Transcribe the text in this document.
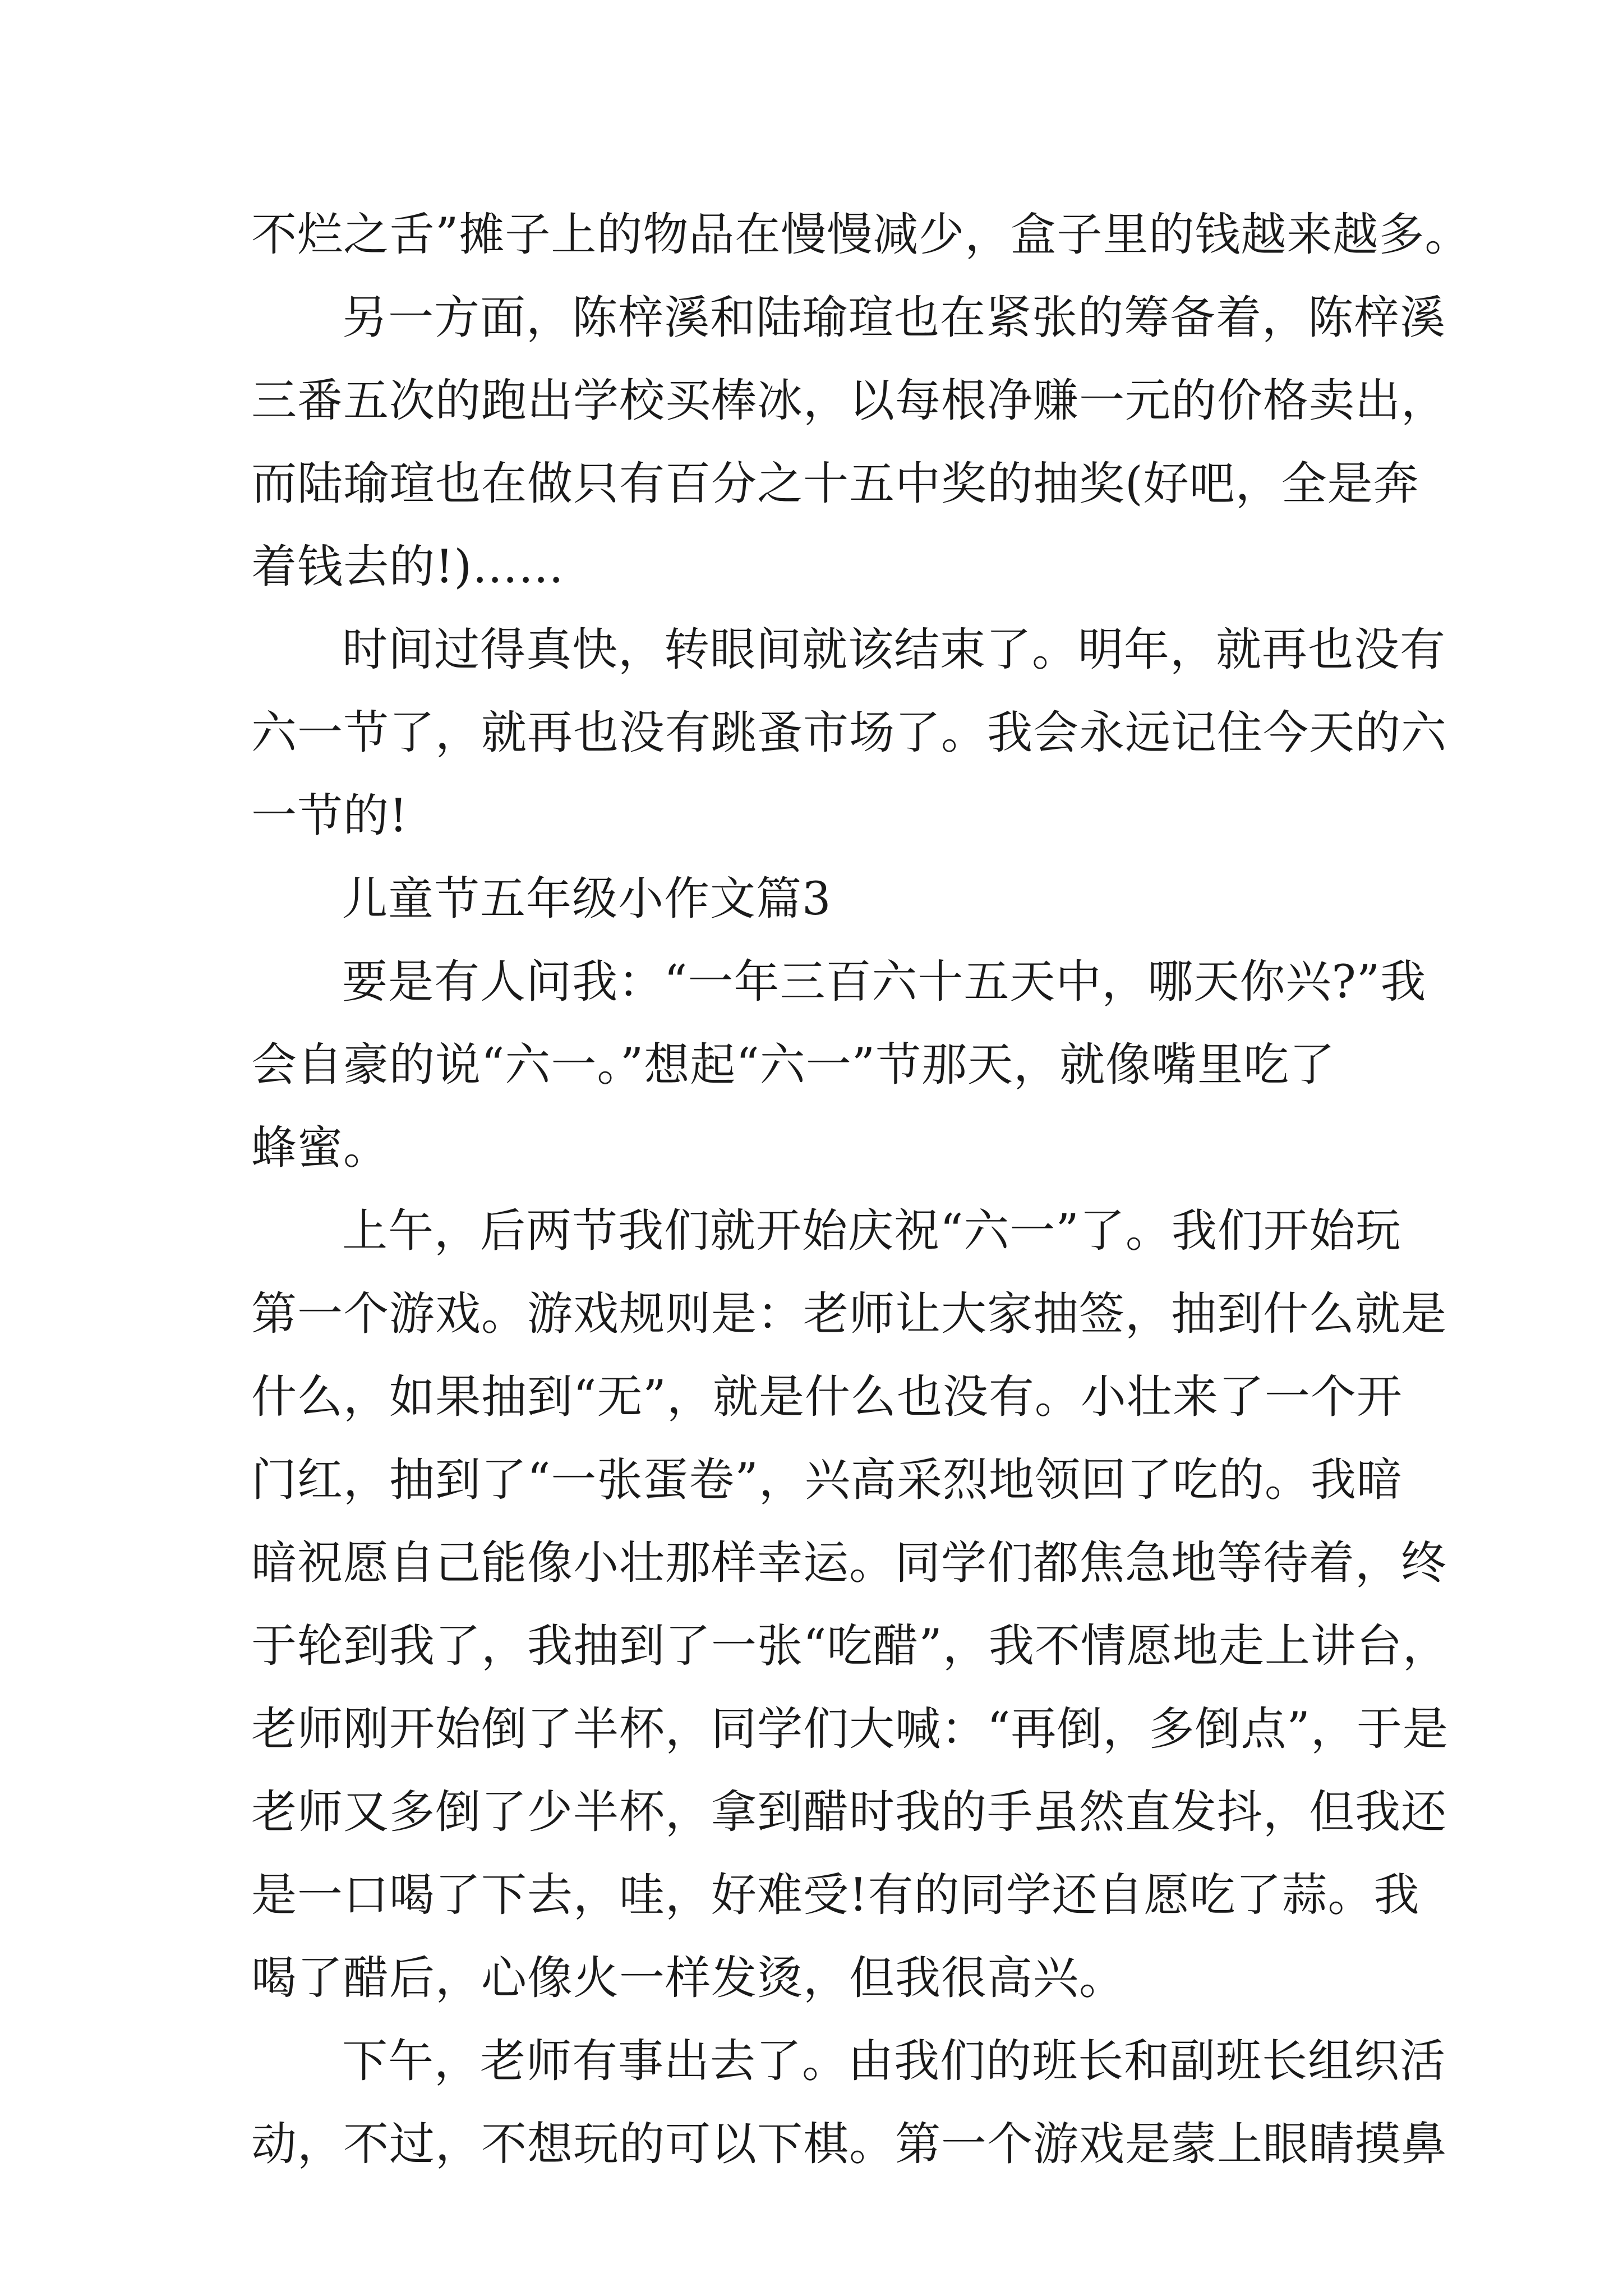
不烂之舌”摊子上的物品在慢慢减少，盒子里的钱越来越多。
另一方面，陈梓溪和陆瑜瑄也在紧张的筹备着，陈梓溪
三番五次的跑出学校买棒冰，以每根净赚一元的价格卖出，
而陆瑜瑄也在做只有百分之十五中奖的抽奖(好吧，全是奔
着钱去的!)……
时间过得真快，转眼间就该结束了。明年，就再也没有
六一节了，就再也没有跳蚤市场了。我会永远记住今天的六
一节的!
儿童节五年级小作文篇3
要是有人问我：“一年三百六十五天中，哪天你兴?”我
会自豪的说“六一。”想起“六一”节那天，就像嘴里吃了
蜂蜜。
上午，后两节我们就开始庆祝“六一”了。我们开始玩
第一个游戏。游戏规则是：老师让大家抽签，抽到什么就是
什么，如果抽到“无”，就是什么也没有。小壮来了一个开
门红，抽到了“一张蛋卷”，兴高采烈地领回了吃的。我暗
暗祝愿自己能像小壮那样幸运。同学们都焦急地等待着，终
于轮到我了，我抽到了一张“吃醋”，我不情愿地走上讲台，
老师刚开始倒了半杯，同学们大喊：“再倒，多倒点”，于是
老师又多倒了少半杯，拿到醋时我的手虽然直发抖，但我还
是一口喝了下去，哇，好难受!有的同学还自愿吃了蒜。我
喝了醋后，心像火一样发烫，但我很高兴。
下午，老师有事出去了。由我们的班长和副班长组织活
动，不过，不想玩的可以下棋。第一个游戏是蒙上眼睛摸鼻
